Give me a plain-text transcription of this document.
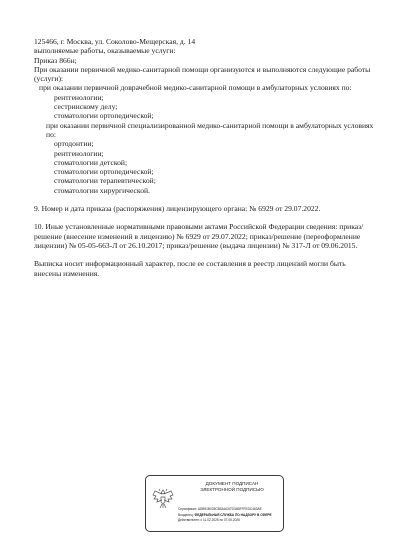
125466, г. Москва, ул. Соколово-Мещерская, д. 14

выполняемые работы, оказываемые услуги:

Приказ 866н;

При оказании первичной медико-санитарной помощи организуются и выполняются следующие работы (услуги):

при оказании первичной доврачебной медико-санитарной помощи в амбулаторных условиях по:

рентгенологии;

сестринскому делу;

стоматологии ортопедической;

при оказании первичной специализированной медико-санитарной помощи в амбулаторных условиях по:

ортодонтии;

рентгенологии;

стоматологии детской;

стоматологии ортопедической;

стоматологии терапевтической;

стоматологии хирургической.

9. Номер и дата приказа (распоряжения) лицензирующего органа: № 6929 от 29.07.2022.

10. Иные установленные нормативными правовыми актами Российской Федерации сведения: приказ/решение (внесение изменений в лицензию) № 6929 от 29.07.2022; приказ/решение (переоформление лицензии) № 05-05-663-Л от 26.10.2017; приказ/решение (выдача лицензии) № 317-Л от 09.06.2015.

Выписка носит информационный характер, после ее составления в реестр лицензий могли быть внесены изменения.

ДОКУМЕНТ ПОДПИСАН
ЭЛЕКТРОННОЙ ПОДПИСЬЮ
Сертификат: ADB91B025C5BAAC67D34BFFFEDC463AE
Владелец: ФЕДЕРАЛЬНАЯ СЛУЖБА ПО НАДЗОРУ В СФЕРЕ
Действителен: с 11.02.2025 по 07.05.2026
